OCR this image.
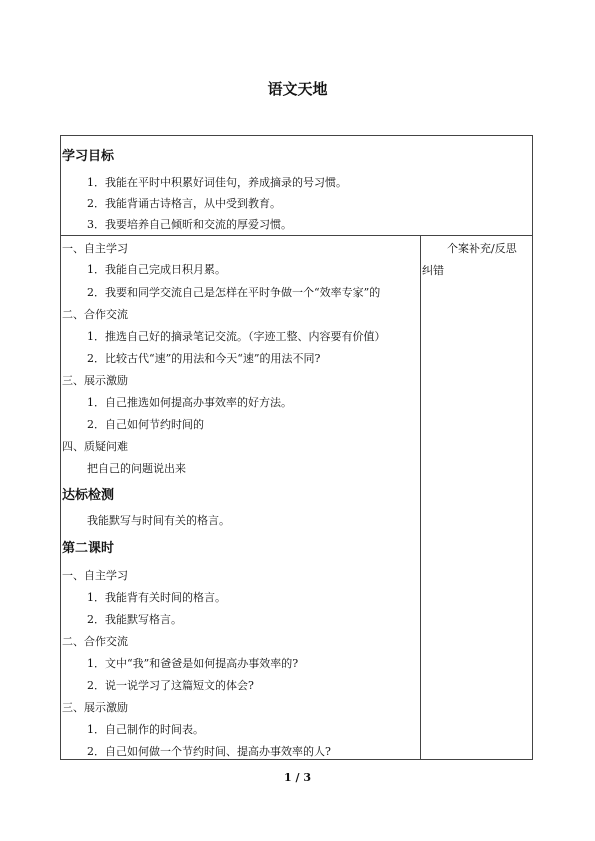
语文天地
学习目标
1．我能在平时中积累好词佳句，养成摘录的号习惯。
2．我能背诵古诗格言，从中受到教育。
3．我要培养自己倾昕和交流的厚爱习惯。
个案补充/反思
纠错
一、自主学习
1．我能自己完成日积月累。
2．我要和同学交流自己是怎样在平时争做一个“效率专家”的
二、合作交流
1．推选自己好的摘录笔记交流。（字迹工整、内容要有价值）
2．比较古代“速”的用法和今天“速”的用法不同?
三、展示激励
1．自己推选如何提高办事效率的好方法。
2．自己如何节约时间的
四、质疑问难
把自己的问题说出来
达标检测
我能默写与时间有关的格言。
第二课时
一、自主学习
1．我能背有关时间的格言。
2．我能默写格言。
二、合作交流
1．文中“我”和爸爸是如何提高办事效率的?
2．说一说学习了这篇短文的体会?
三、展示激励
1．自己制作的时间表。
2．自己如何做一个节约时间、提高办事效率的人?
1 / 3
